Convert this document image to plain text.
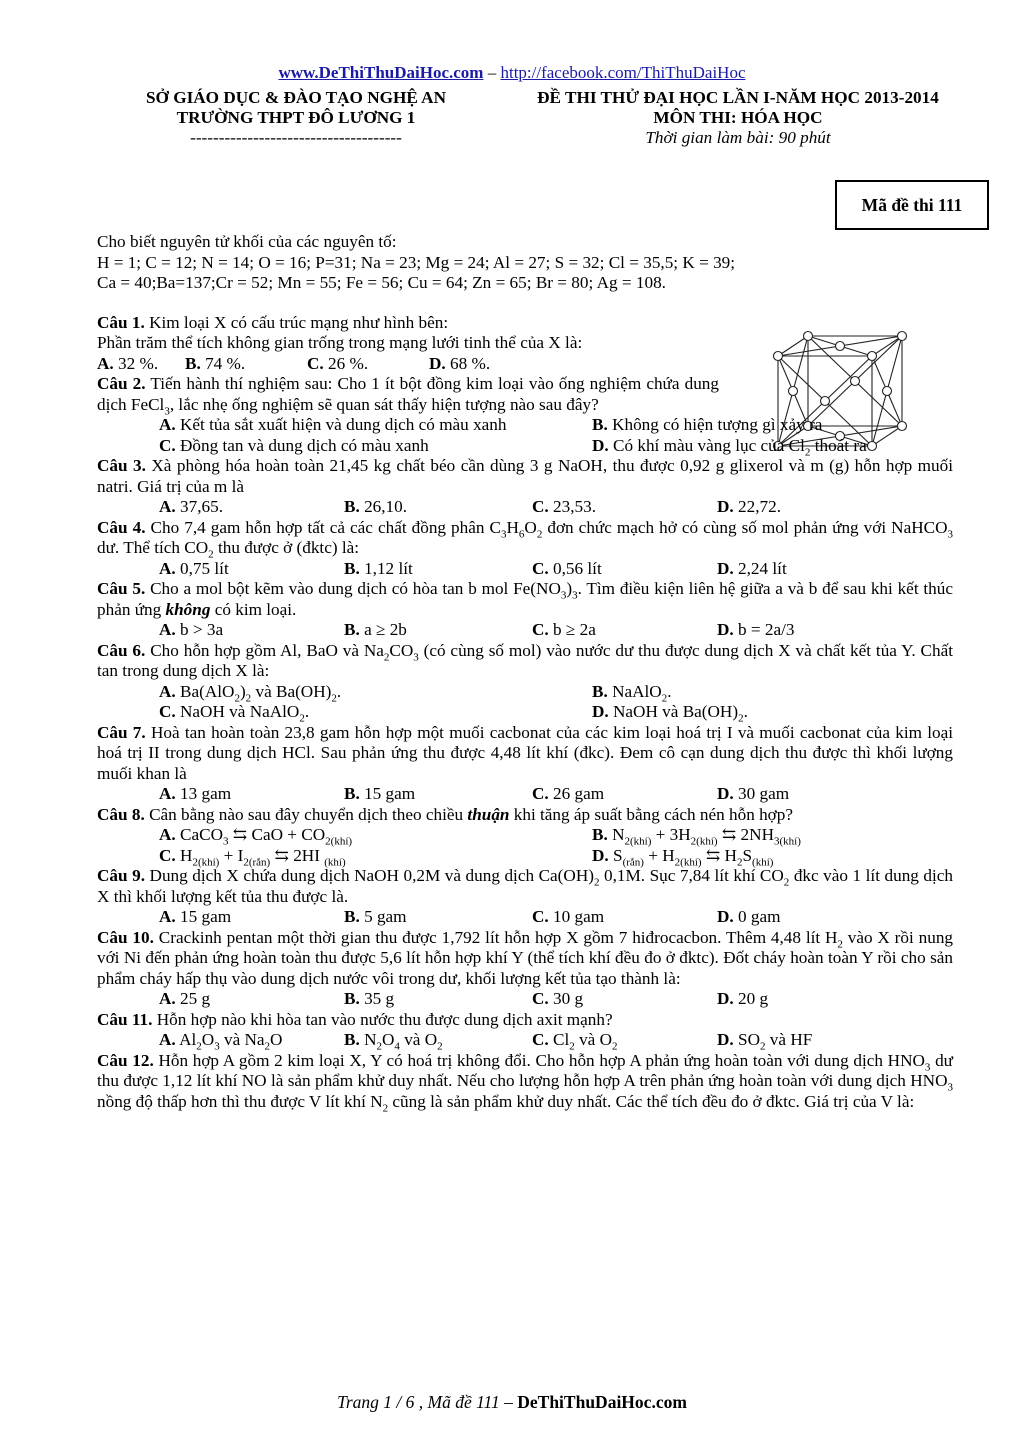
www.DeThiThuDaiHoc.com – http://facebook.com/ThiThuDaiHoc
SỞ GIÁO DỤC & ĐÀO TẠO NGHỆ AN
TRƯỜNG THPT ĐÔ LƯƠNG 1
-------------------------------------
ĐỀ THI THỬ ĐẠI HỌC LẦN I-NĂM HỌC 2013-2014
MÔN THI: HÓA HỌC
Thời gian làm bài: 90 phút
Mã đề thi 111

Cho biết nguyên tử khối của các nguyên tố:

H = 1; C = 12; N = 14; O = 16; P=31; Na = 23; Mg = 24; Al = 27; S = 32; Cl = 35,5; K = 39;

Ca = 40;Ba=137;Cr = 52; Mn = 55; Fe = 56; Cu = 64; Zn = 65; Br = 80; Ag = 108.

Câu 1. Kim loại X có cấu trúc mạng như hình bên:

Phần trăm thể tích không gian trống trong mạng lưới tinh thể của X là:

A. 32 %.	B. 74 %.	C. 26 %.	D. 68 %.

Câu 2. Tiến hành thí nghiệm sau: Cho 1 ít bột đồng kim loại vào ống nghiệm chứa dung dịch FeCl$_3$, lắc nhẹ ống nghiệm sẽ quan sát thấy hiện tượng nào sau đây?

A. Kết tủa sắt xuất hiện và dung dịch có màu xanh	B. Không có hiện tượng gì xảy ra
C. Đồng tan và dung dịch có màu xanh	D. Có khí màu vàng lục của $Cl_2$ thoát ra

Câu 3. Xà phòng hóa hoàn toàn 21,45 kg chất béo cần dùng 3 g NaOH, thu được 0,92 g glixerol và m (g) hỗn hợp muối natri. Giá trị của m là

A. 37,65.	B. 26,10.	C. 23,53.	D. 22,72.

Câu 4. Cho 7,4 gam hỗn hợp tất cả các chất đồng phân $C_3H_6O_2$ đơn chức mạch hở có cùng số mol phản ứng với NaHCO$_3$ dư. Thể tích $CO_2$ thu được ở (đktc) là:

A. 0,75 lít	B. 1,12 lít	C. 0,56 lít	D. 2,24 lít

Câu 5. Cho a mol bột kẽm vào dung dịch có hòa tan b mol $Fe(NO_3)_3$. Tìm điều kiện liên hệ giữa a và b để sau khi kết thúc phản ứng không có kim loại.

A. b > 3a	B. a ≥ 2b	C. b ≥ 2a	D. b = 2a/3

Câu 6. Cho hỗn hợp gồm Al, BaO và $Na_2CO_3$ (có cùng số mol) vào nước dư thu được dung dịch X và chất kết tủa Y. Chất tan trong dung dịch X là:

A. $Ba(AlO_2)_2$ và $Ba(OH)_2$.	B. NaAlO$_2$.
C. NaOH và NaAlO$_2$.	D. NaOH và $Ba(OH)_2$.

Câu 7. Hoà tan hoàn toàn 23,8 gam hỗn hợp một muối cacbonat của các kim loại hoá trị I và muối cacbonat của kim loại hoá trị II trong dung dịch HCl. Sau phản ứng thu được 4,48 lít khí (đkc). Đem cô cạn dung dịch thu được thì khối lượng muối khan là

A. 13 gam	B. 15 gam	C. 26 gam	D. 30 gam

Câu 8. Cân bằng nào sau đây chuyển dịch theo chiều thuận khi tăng áp suất bằng cách nén hỗn hợp?

A. CaCO$_3$ ⇆ CaO + $CO_{2(khí)}$	B. $N_{2(khí)} + 3H_{2(khí)}$ ⇆ $2NH_{3(khí)}$
C. $H_{2(khí)} + I_{2(rắn)}$ ⇆ 2HI $_{(khí)}$	D. $S_{(rắn)} + H_{2(khí)}$ ⇆ $H_2S_{(khí)}$

Câu 9. Dung dịch X chứa dung dịch NaOH 0,2M và dung dịch $Ca(OH)_2$ 0,1M. Sục 7,84 lít khí $CO_2$ đkc vào 1 lít dung dịch X thì khối lượng kết tủa thu được là.

A. 15 gam	B. 5 gam	C. 10 gam	D. 0 gam

Câu 10. Crackinh pentan một thời gian thu được 1,792 lít hỗn hợp X gồm 7 hiđrocacbon. Thêm 4,48 lít $H_2$ vào X rồi nung với Ni đến phản ứng hoàn toàn thu được 5,6 lít hỗn hợp khí Y (thể tích khí đều đo ở đktc). Đốt cháy hoàn toàn Y rồi cho sản phẩm cháy hấp thụ vào dung dịch nước vôi trong dư, khối lượng kết tủa tạo thành là:

A. 25 g	B. 35 g	C. 30 g	D. 20 g

Câu 11. Hỗn hợp nào khi hòa tan vào nước thu được dung dịch axit mạnh?

A. $Al_2O_3$ và $Na_2O$	B. $N_2O_4$ và $O_2$	C. $Cl_2$ và $O_2$	D. $SO_2$ và HF

Câu 12. Hỗn hợp A gồm 2 kim loại X, Y có hoá trị không đổi. Cho hỗn hợp A phản ứng hoàn toàn với dung dịch $HNO_3$ dư thu được 1,12 lít khí NO là sản phẩm khử duy nhất. Nếu cho lượng hỗn hợp A trên phản ứng hoàn toàn với dung dịch $HNO_3$ nồng độ thấp hơn thì thu được V lít khí $N_2$ cũng là sản phẩm khử duy nhất. Các thể tích đều đo ở đktc. Giá trị của V là:

Trang 1 / 6 , Mã đề 111 – DeThiThuDaiHoc.com
